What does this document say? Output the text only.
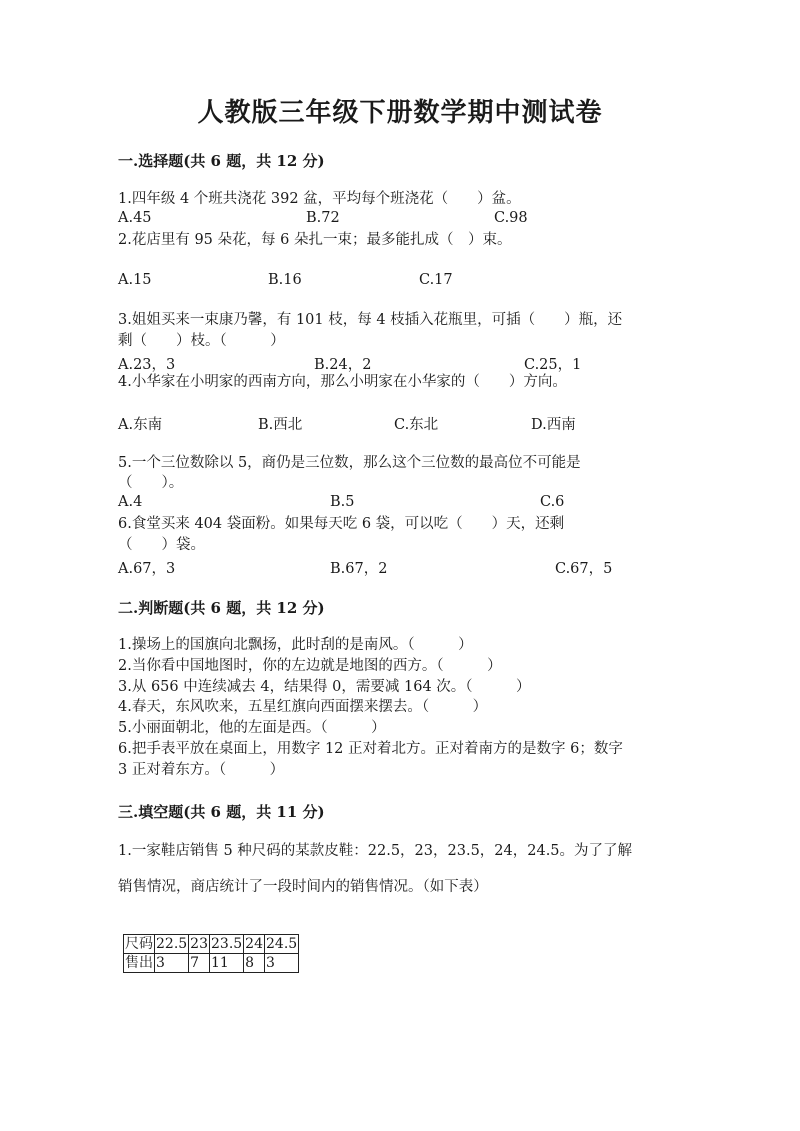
人教版三年级下册数学期中测试卷
一.选择题(共 6 题，共 12 分)
1.四年级 4 个班共浇花 392 盆，平均每个班浇花（　　）盆。
A.45	B.72	C.98
2.花店里有 95 朵花，每 6 朵扎一束；最多能扎成（　）束。
A.15	B.16	C.17
3.姐姐买来一束康乃馨，有 101 枝，每 4 枝插入花瓶里，可插（　　）瓶，还
剩（　　）枝。（　　　）
A.23，3	B.24，2	C.25，1
4.小华家在小明家的西南方向，那么小明家在小华家的（　　）方向。
A.东南	B.西北	C.东北	D.西南
5.一个三位数除以 5，商仍是三位数，那么这个三位数的最高位不可能是
（　　）。
A.4	B.5	C.6
6.食堂买来 404 袋面粉。如果每天吃 6 袋，可以吃（　　）天，还剩
（　　）袋。
A.67，3	B.67，2	C.67，5
二.判断题(共 6 题，共 12 分)
1.操场上的国旗向北飘扬，此时刮的是南风。（　　　）
2.当你看中国地图时，你的左边就是地图的西方。（　　　）
3.从 656 中连续减去 4，结果得 0，需要减 164 次。（　　　）
4.春天，东风吹来，五星红旗向西面摆来摆去。（　　　）
5.小丽面朝北，他的左面是西。（　　　）
6.把手表平放在桌面上，用数字 12 正对着北方。正对着南方的是数字 6；数字
3 正对着东方。（　　　）
三.填空题(共 6 题，共 11 分)
1.一家鞋店销售 5 种尺码的某款皮鞋：22.5，23，23.5，24，24.5。为了了解
销售情况，商店统计了一段时间内的销售情况。（如下表）
尺码	22.5	23	23.5	24	24.5
售出	3	7	11	8	3
